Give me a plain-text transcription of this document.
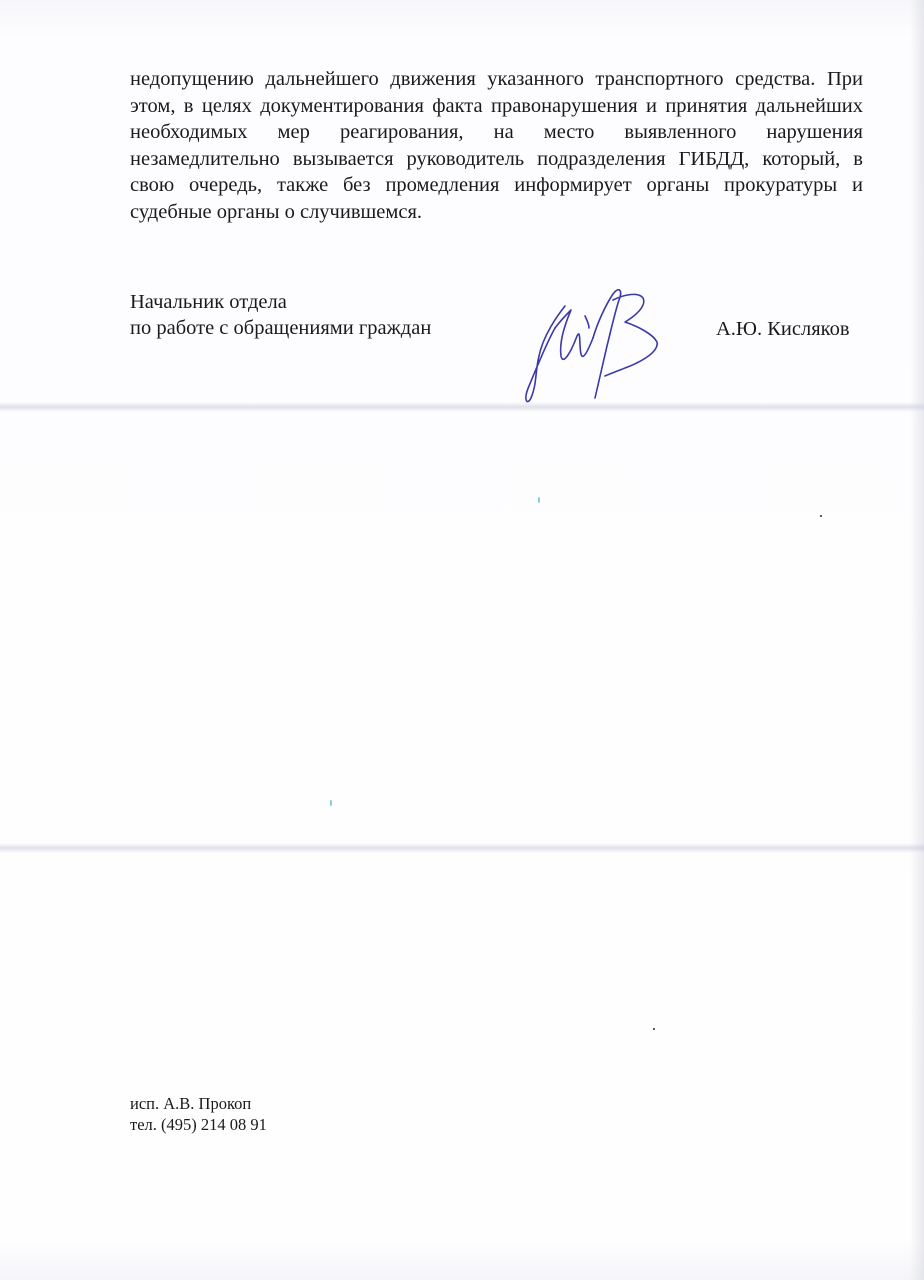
недопущению дальнейшего движения указанного транспортного средства. При этом, в целях документирования факта правонарушения и принятия дальнейших необходимых мер реагирования, на место выявленного нарушения незамедлительно вызывается руководитель подразделения ГИБДД, который, в свою очередь, также без промедления информирует органы прокуратуры и судебные органы о случившемся.

Начальник отдела
по работе с обращениями граждан	А.Ю. Кисляков
исп. А.В. Прокоп
тел. (495) 214 08 91
